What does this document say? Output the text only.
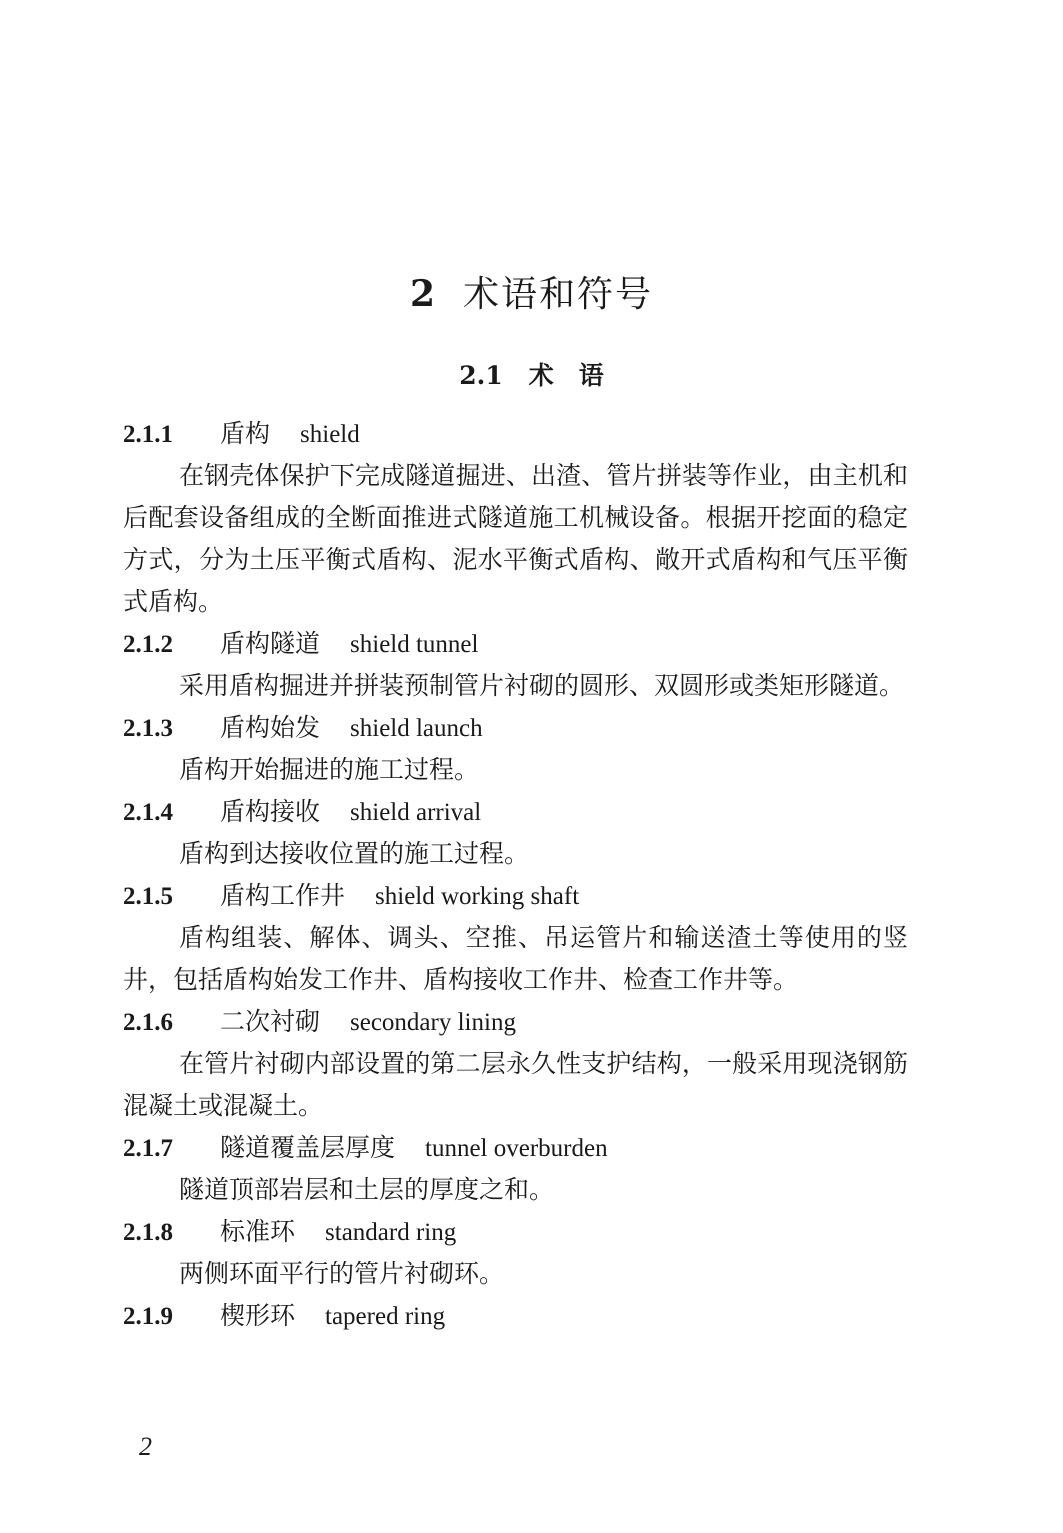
2 术语和符号
2.1 术　语
2.1.1 盾构 shield

在钢壳体保护下完成隧道掘进、出渣、管片拼装等作业，由主机和后配套设备组成的全断面推进式隧道施工机械设备。根据开挖面的稳定方式，分为土压平衡式盾构、泥水平衡式盾构、敞开式盾构和气压平衡式盾构。

2.1.2 盾构隧道 shield tunnel

采用盾构掘进并拼装预制管片衬砌的圆形、双圆形或类矩形隧道。

2.1.3 盾构始发 shield launch

盾构开始掘进的施工过程。

2.1.4 盾构接收 shield arrival

盾构到达接收位置的施工过程。

2.1.5 盾构工作井 shield working shaft

盾构组装、解体、调头、空推、吊运管片和输送渣土等使用的竖井，包括盾构始发工作井、盾构接收工作井、检查工作井等。

2.1.6 二次衬砌 secondary lining

在管片衬砌内部设置的第二层永久性支护结构，一般采用现浇钢筋混凝土或混凝土。

2.1.7 隧道覆盖层厚度 tunnel overburden

隧道顶部岩层和土层的厚度之和。

2.1.8 标准环 standard ring

两侧环面平行的管片衬砌环。

2.1.9 楔形环 tapered ring
2
